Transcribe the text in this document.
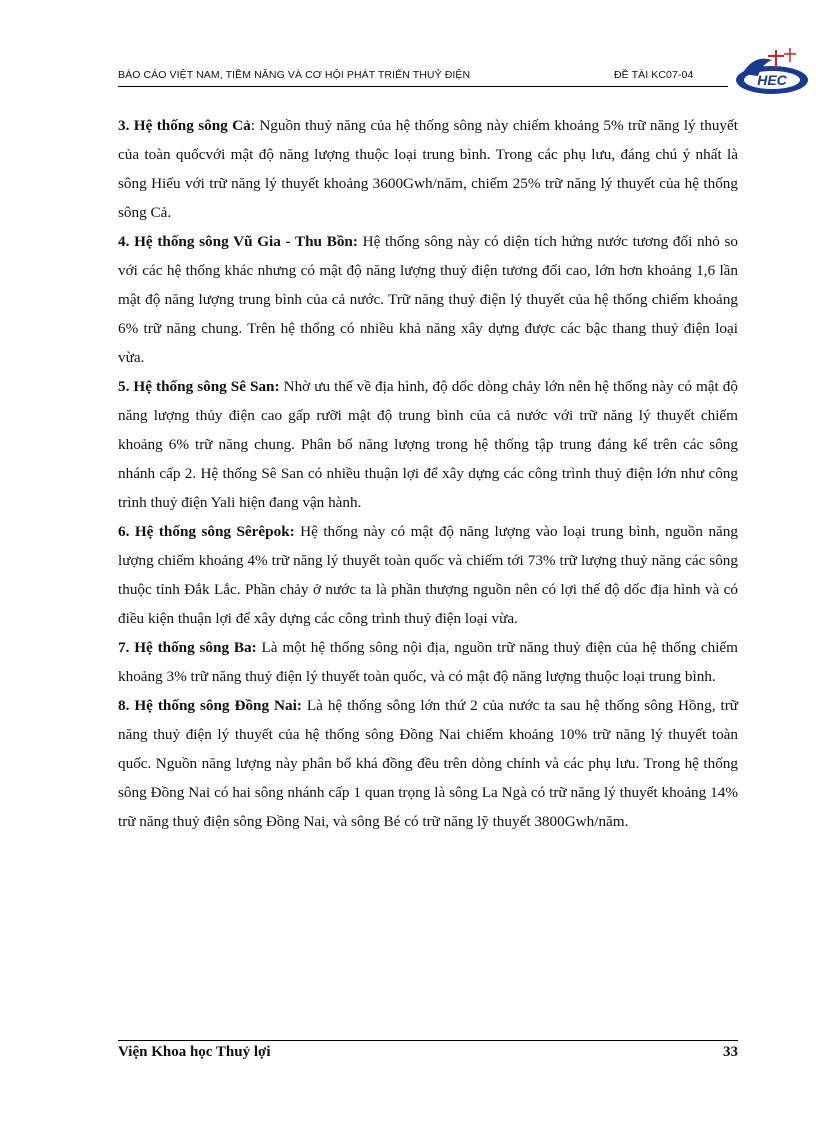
BÁO CÁO VIỆT NAM, TIỀM NĂNG VÀ CƠ HỘI PHÁT TRIỂN THUỶ ĐIỆN	ĐỀ TÀI KC07-04	HEC

3. Hệ thống sông Cả: Nguồn thuỷ năng của hệ thống sông này chiếm khoảng 5% trữ năng lý thuyết của toàn quốcvới mật độ năng lượng thuộc loại trung bình. Trong các phụ lưu, đáng chú ý nhất là sông Hiếu với trữ năng lý thuyết khoảng 3600Gwh/năm, chiếm 25% trữ năng lý thuyết của hệ thống sông Cả.

4. Hệ thống sông Vũ Gia - Thu Bồn: Hệ thống sông này có diện tích hứng nước tương đối nhỏ so với các hệ thống khác nhưng có mật độ năng lượng thuỷ điện tương đối cao, lớn hơn khoảng 1,6 lần mật độ năng lượng trung bình của cả nước. Trữ năng thuỷ điện lý thuyết của hệ thống chiếm khoảng 6% trữ năng chung. Trên hệ thống có nhiều khả năng xây dựng được các bậc thang thuỷ điện loại vừa.

5. Hệ thống sông Sê San: Nhờ ưu thế về địa hình, độ dốc dòng chảy lớn nên hệ thống này có mật độ năng lượng thủy điện cao gấp rưỡi mật độ trung bình của cả nước với trữ năng lý thuyết chiếm khoảng 6% trữ năng chung. Phân bố năng lượng trong hệ thống tập trung đáng kể trên các sông nhánh cấp 2. Hệ thống Sê San có nhiều thuận lợi để xây dựng các công trình thuỷ điện lớn như công trình thuỷ điện Yali hiện đang vận hành.

6. Hệ thống sông Sêrêpok: Hệ thống này có mật độ năng lượng vào loại trung bình, nguồn năng lượng chiếm khoảng 4% trữ năng lý thuyết toàn quốc và chiếm tới 73% trữ lượng thuỷ năng các sông thuộc tỉnh Đắk Lắc. Phần chảy ở nước ta là phần thượng nguồn nên có lợi thế độ dốc địa hình và có điều kiện thuận lợi để xây dựng các công trình thuỷ điện loại vừa.

7. Hệ thống sông Ba: Là một hệ thống sông nội địa, nguồn trữ năng thuỷ điện của hệ thống chiếm khoảng 3% trữ năng thuỷ điện lý thuyết toàn quốc, và có mật độ năng lượng thuộc loại trung bình.

8. Hệ thống sông Đồng Nai: Là hệ thống sông lớn thứ 2 của nước ta sau hệ thống sông Hồng, trữ năng thuỷ điện lý thuyết của hệ thống sông Đồng Nai chiếm khoảng 10% trữ năng lý thuyết toàn quốc. Nguồn năng lượng này phân bố khá đồng đều trên dòng chính và các phụ lưu. Trong hệ thống sông Đồng Nai có hai sông nhánh cấp 1 quan trọng là sông La Ngà có trữ năng lý thuyết khoảng 14% trữ năng thuỷ điện sông Đồng Nai, và sông Bé có trữ năng lỹ thuyết 3800Gwh/năm.

Viện Khoa học Thuỷ lợi	33
